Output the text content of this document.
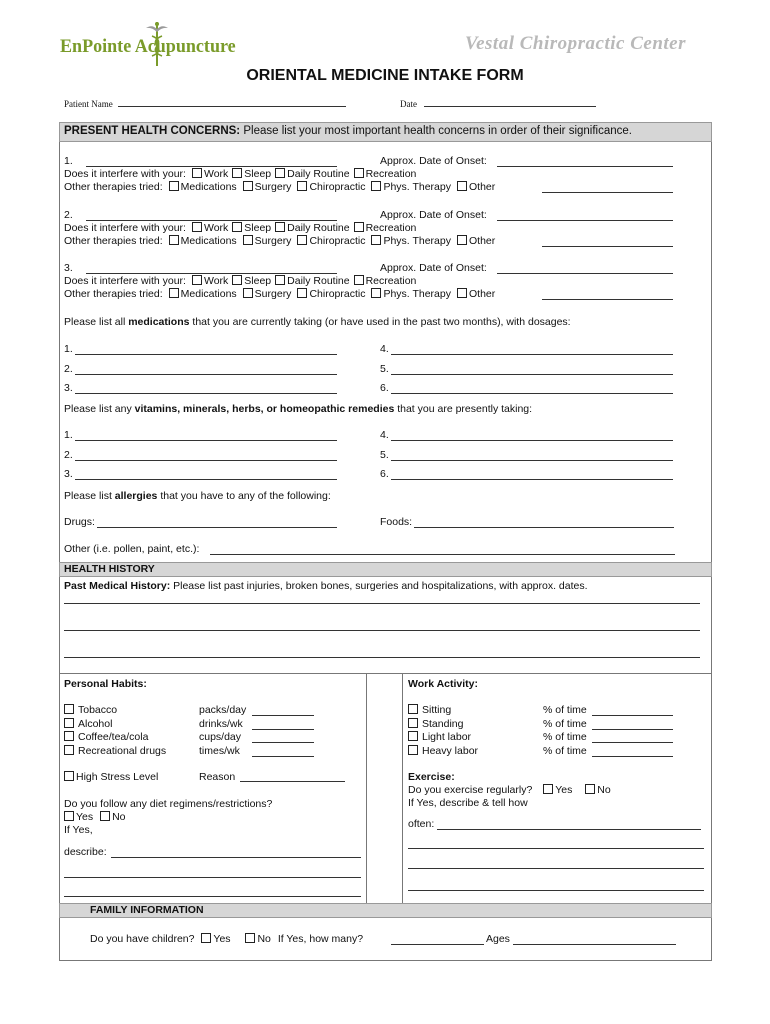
EnPointe Acupuncture	Vestal Chiropractic Center
ORIENTAL MEDICINE INTAKE FORM
Patient Name	Date
PRESENT HEALTH CONCERNS: Please list your most important health concerns in order of their significance.
1.	Approx. Date of Onset:
Does it interfere with your: Work Sleep Daily Routine Recreation
Other therapies tried: Medications Surgery Chiropractic Phys. Therapy Other
2.	Approx. Date of Onset:
Does it interfere with your: Work Sleep Daily Routine Recreation
Other therapies tried: Medications Surgery Chiropractic Phys. Therapy Other
3.	Approx. Date of Onset:
Does it interfere with your: Work Sleep Daily Routine Recreation
Other therapies tried: Medications Surgery Chiropractic Phys. Therapy Other
Please list all medications that you are currently taking (or have used in the past two months), with dosages:
1.	4.
2.	5.
3.	6.
Please list any vitamins, minerals, herbs, or homeopathic remedies that you are presently taking:
1.	4.
2.	5.
3.	6.
Please list allergies that you have to any of the following:
Drugs:	Foods:
Other (i.e. pollen, paint, etc.):
HEALTH HISTORY
Past Medical History: Please list past injuries, broken bones, surgeries and hospitalizations, with approx. dates.
Personal Habits:
Tobacco	packs/day
Alcohol	drinks/wk
Coffee/tea/cola	cups/day
Recreational drugs	times/wk
High Stress Level	Reason
Do you follow any diet regimens/restrictions?
Yes No
If Yes,
describe:
Work Activity:
Sitting	% of time
Standing	% of time
Light labor	% of time
Heavy labor	% of time
Exercise:
Do you exercise regularly? Yes No
If Yes, describe & tell how
often:
FAMILY INFORMATION
Do you have children? Yes	No If Yes, how many?	Ages
